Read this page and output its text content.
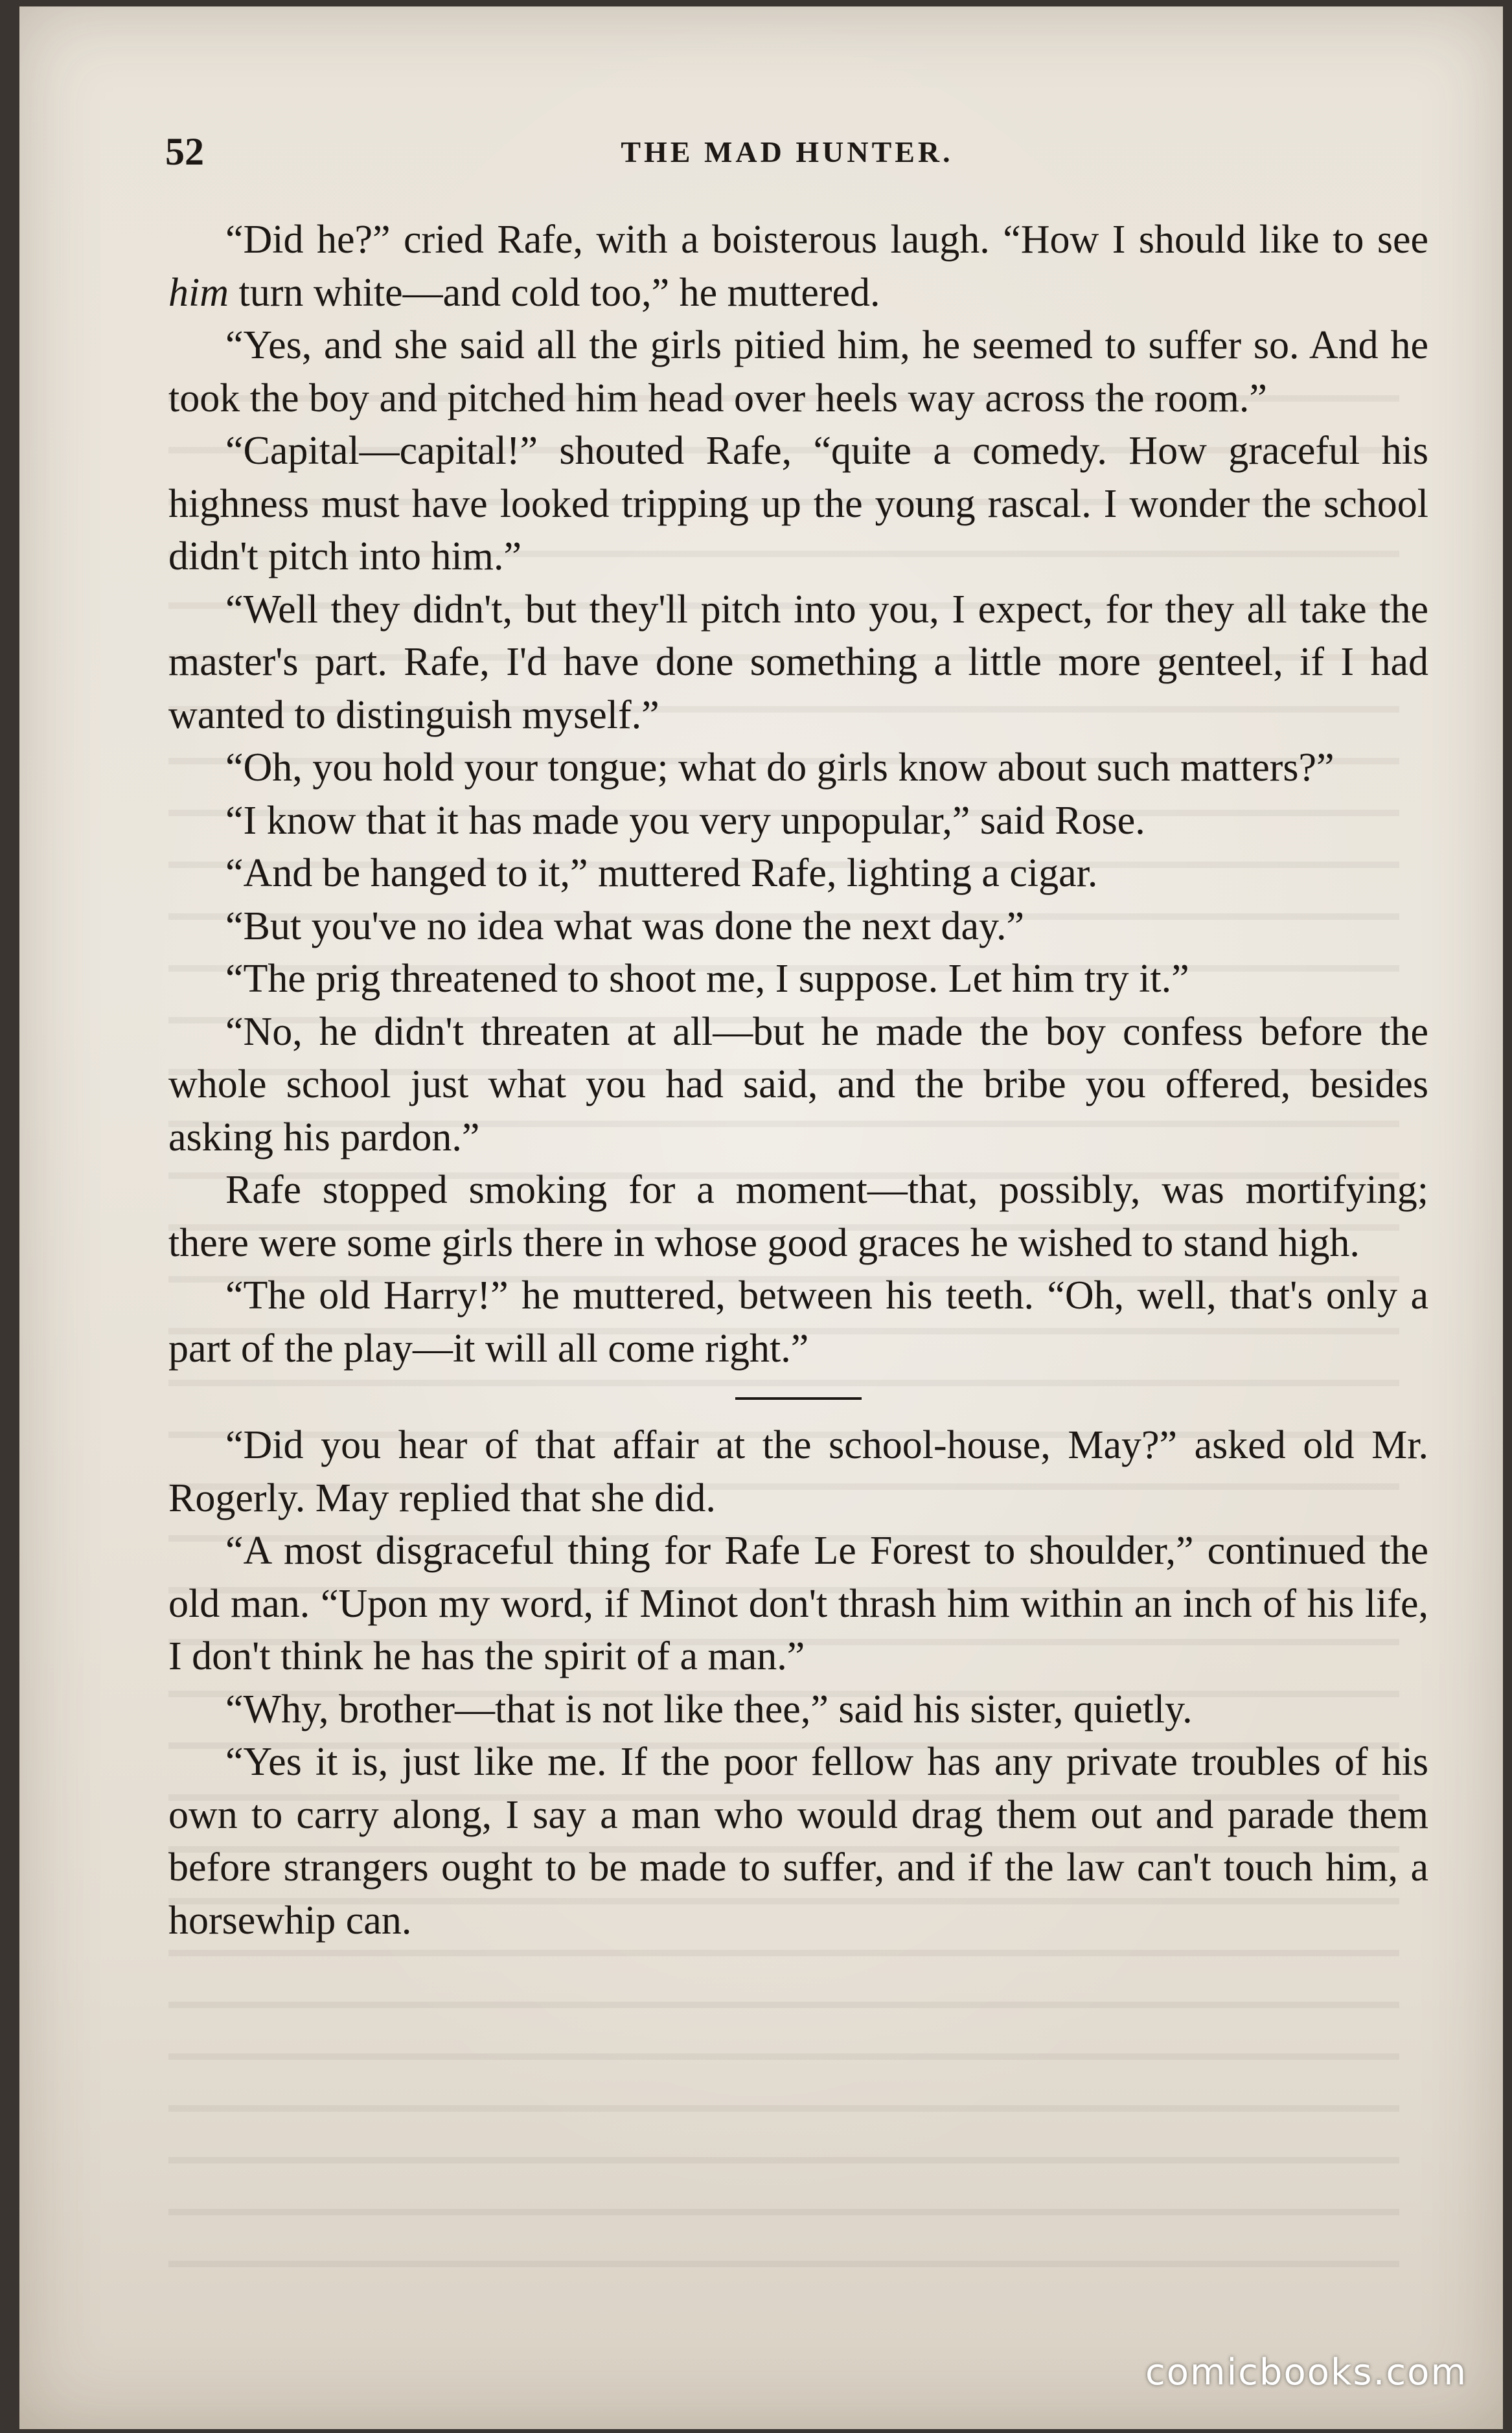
52	THE MAD HUNTER.

“Did he?” cried Rafe, with a boisterous laugh. “How I should like to see him turn white—and cold too,” he muttered.

“Yes, and she said all the girls pitied him, he seemed to suffer so. And he took the boy and pitched him head over heels way across the room.”

“Capital—capital!” shouted Rafe, “quite a comedy. How graceful his highness must have looked tripping up the young rascal. I wonder the school didn't pitch into him.”

“Well they didn't, but they'll pitch into you, I expect, for they all take the master's part. Rafe, I'd have done something a little more genteel, if I had wanted to distinguish myself.”

“Oh, you hold your tongue; what do girls know about such matters?”

“I know that it has made you very unpopular,” said Rose.

“And be hanged to it,” muttered Rafe, lighting a cigar.

“But you've no idea what was done the next day.”

“The prig threatened to shoot me, I suppose. Let him try it.”

“No, he didn't threaten at all—but he made the boy confess before the whole school just what you had said, and the bribe you offered, besides asking his pardon.”

Rafe stopped smoking for a moment—that, possibly, was mortifying; there were some girls there in whose good graces he wished to stand high.

“The old Harry!” he muttered, between his teeth. “Oh, well, that's only a part of the play—it will all come right.”

“Did you hear of that affair at the school-house, May?” asked old Mr. Rogerly. May replied that she did.

“A most disgraceful thing for Rafe Le Forest to shoulder,” continued the old man. “Upon my word, if Minot don't thrash him within an inch of his life, I don't think he has the spirit of a man.”

“Why, brother—that is not like thee,” said his sister, quietly.

“Yes it is, just like me. If the poor fellow has any private troubles of his own to carry along, I say a man who would drag them out and parade them before strangers ought to be made to suffer, and if the law can't touch him, a horsewhip can.

comicbooks.com
